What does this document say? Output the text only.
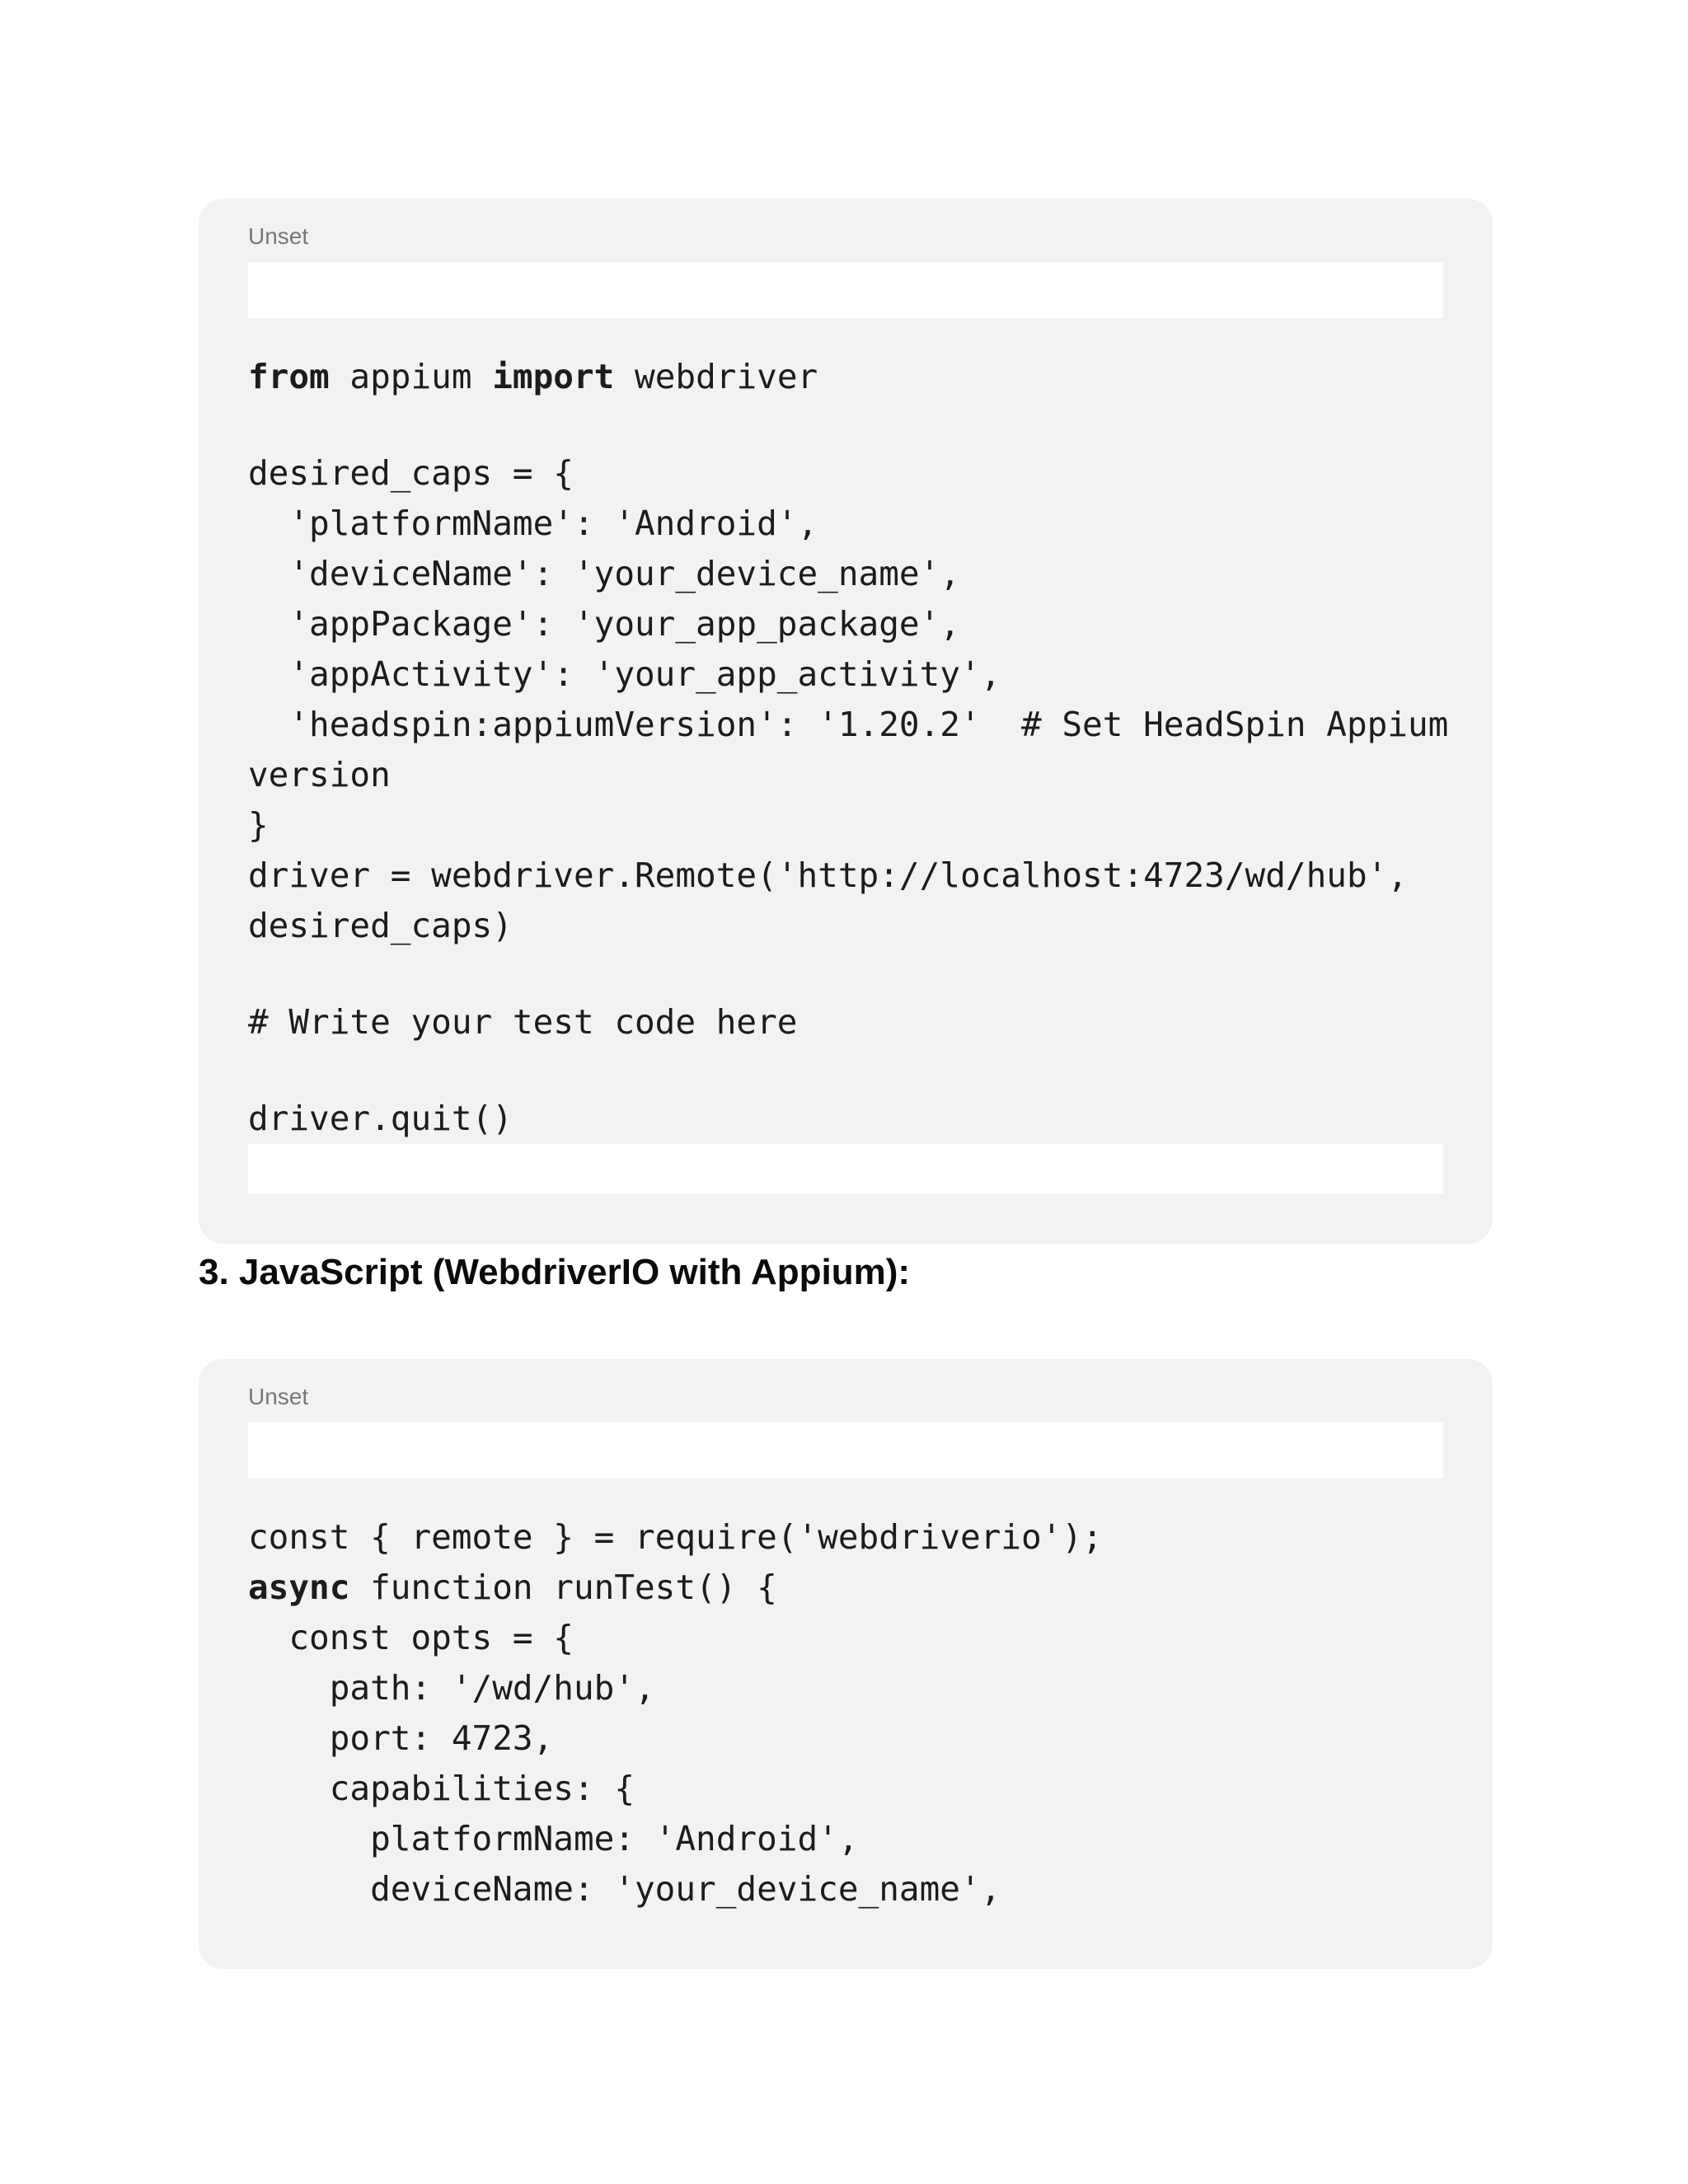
Unset
from appium import webdriver
desired_caps = {
'platformName': 'Android',
'deviceName': 'your_device_name',
'appPackage': 'your_app_package',
'appActivity': 'your_app_activity',
'headspin:appiumVersion': '1.20.2'  # Set HeadSpin Appium
version
}
driver = webdriver.Remote('http://localhost:4723/wd/hub',
desired_caps)
# Write your test code here
driver.quit()
3. JavaScript (WebdriverIO with Appium):
Unset
const { remote } = require('webdriverio');
async function runTest() {
const opts = {
path: '/wd/hub',
port: 4723,
capabilities: {
platformName: 'Android',
deviceName: 'your_device_name',
